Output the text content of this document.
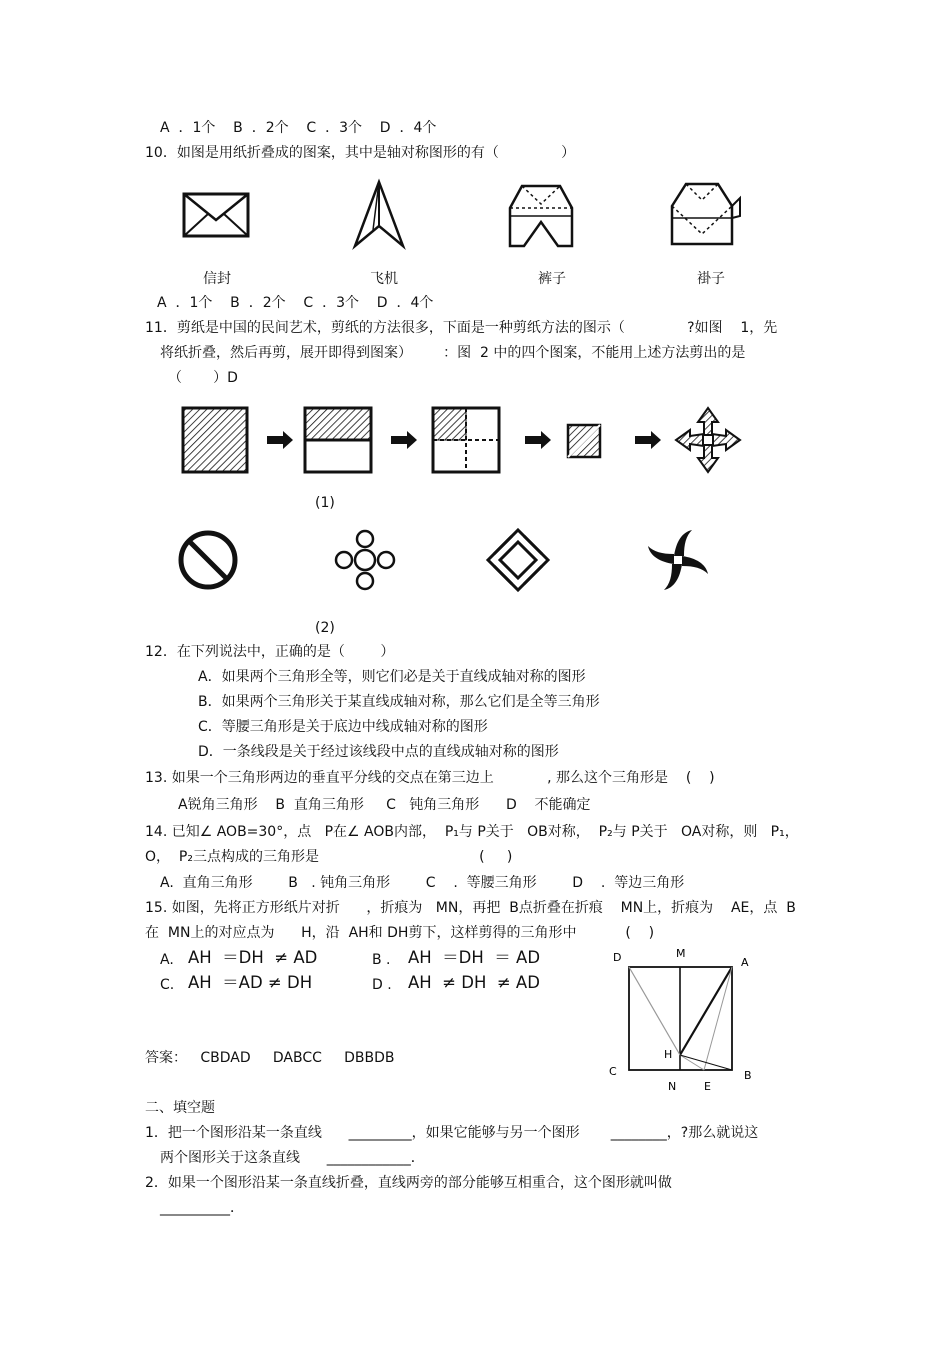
A  ．1个    B  ．2个    C  ．3个    D  ．4个
10．如图是用纸折叠成的图案，其中是轴对称图形的有（              ）
信封	飞机	裤子	褂子
A  ．1个    B  ．2个    C  ．3个    D  ．4个
11．剪纸是中国的民间艺术，剪纸的方法很多，下面是一种剪纸方法的图示（              ?如图    1，先
将纸折叠，然后再剪，展开即得到图案）       ：图  2 中的四个图案，不能用上述方法剪出的是
（       ）D
(1)
(2)
12．在下列说法中，正确的是（        ）
A．如果两个三角形全等，则它们必是关于直线成轴对称的图形
B．如果两个三角形关于某直线成轴对称，那么它们是全等三角形
C．等腰三角形是关于底边中线成轴对称的图形
D．一条线段是关于经过该线段中点的直线成轴对称的图形
13. 如果一个三角形两边的垂直平分线的交点在第三边上            , 那么这个三角形是    (    )
A锐角三角形    B  直角三角形     C   钝角三角形      D    不能确定
14. 已知∠ AOB=30°，点   P在∠ AOB内部，  P₁与 P关于   OB对称，  P₂与 P关于   OA对称，则   P₁，
O，  P₂三点构成的三角形是                                    (     )
A.  直角三角形        B   . 钝角三角形        C    .  等腰三角形        D    .  等边三角形
15. 如图，先将正方形纸片对折      ，折痕为   MN，再把  B点折叠在折痕    MN上，折痕为    AE，点  B
在  MN上的对应点为      H，沿  AH和 DH剪下，这样剪得的三角形中           (    )
A. AH  ＝DH  ≠ AD	B . AH  ＝DH  ＝ AD
C. AH  ＝AD ≠ DH	D . AH  ≠ DH  ≠ AD
D	M
A
H
C
N	E
B
答案：   CBDAD     DABCC     DBBDB
二、填空题
1．把一个图形沿某一条直线      _________，如果它能够与另一个图形       ________，?那么就说这
两个图形关于这条直线      ____________．
2．如果一个图形沿某一条直线折叠，直线两旁的部分能够互相重合，这个图形就叫做
__________．
